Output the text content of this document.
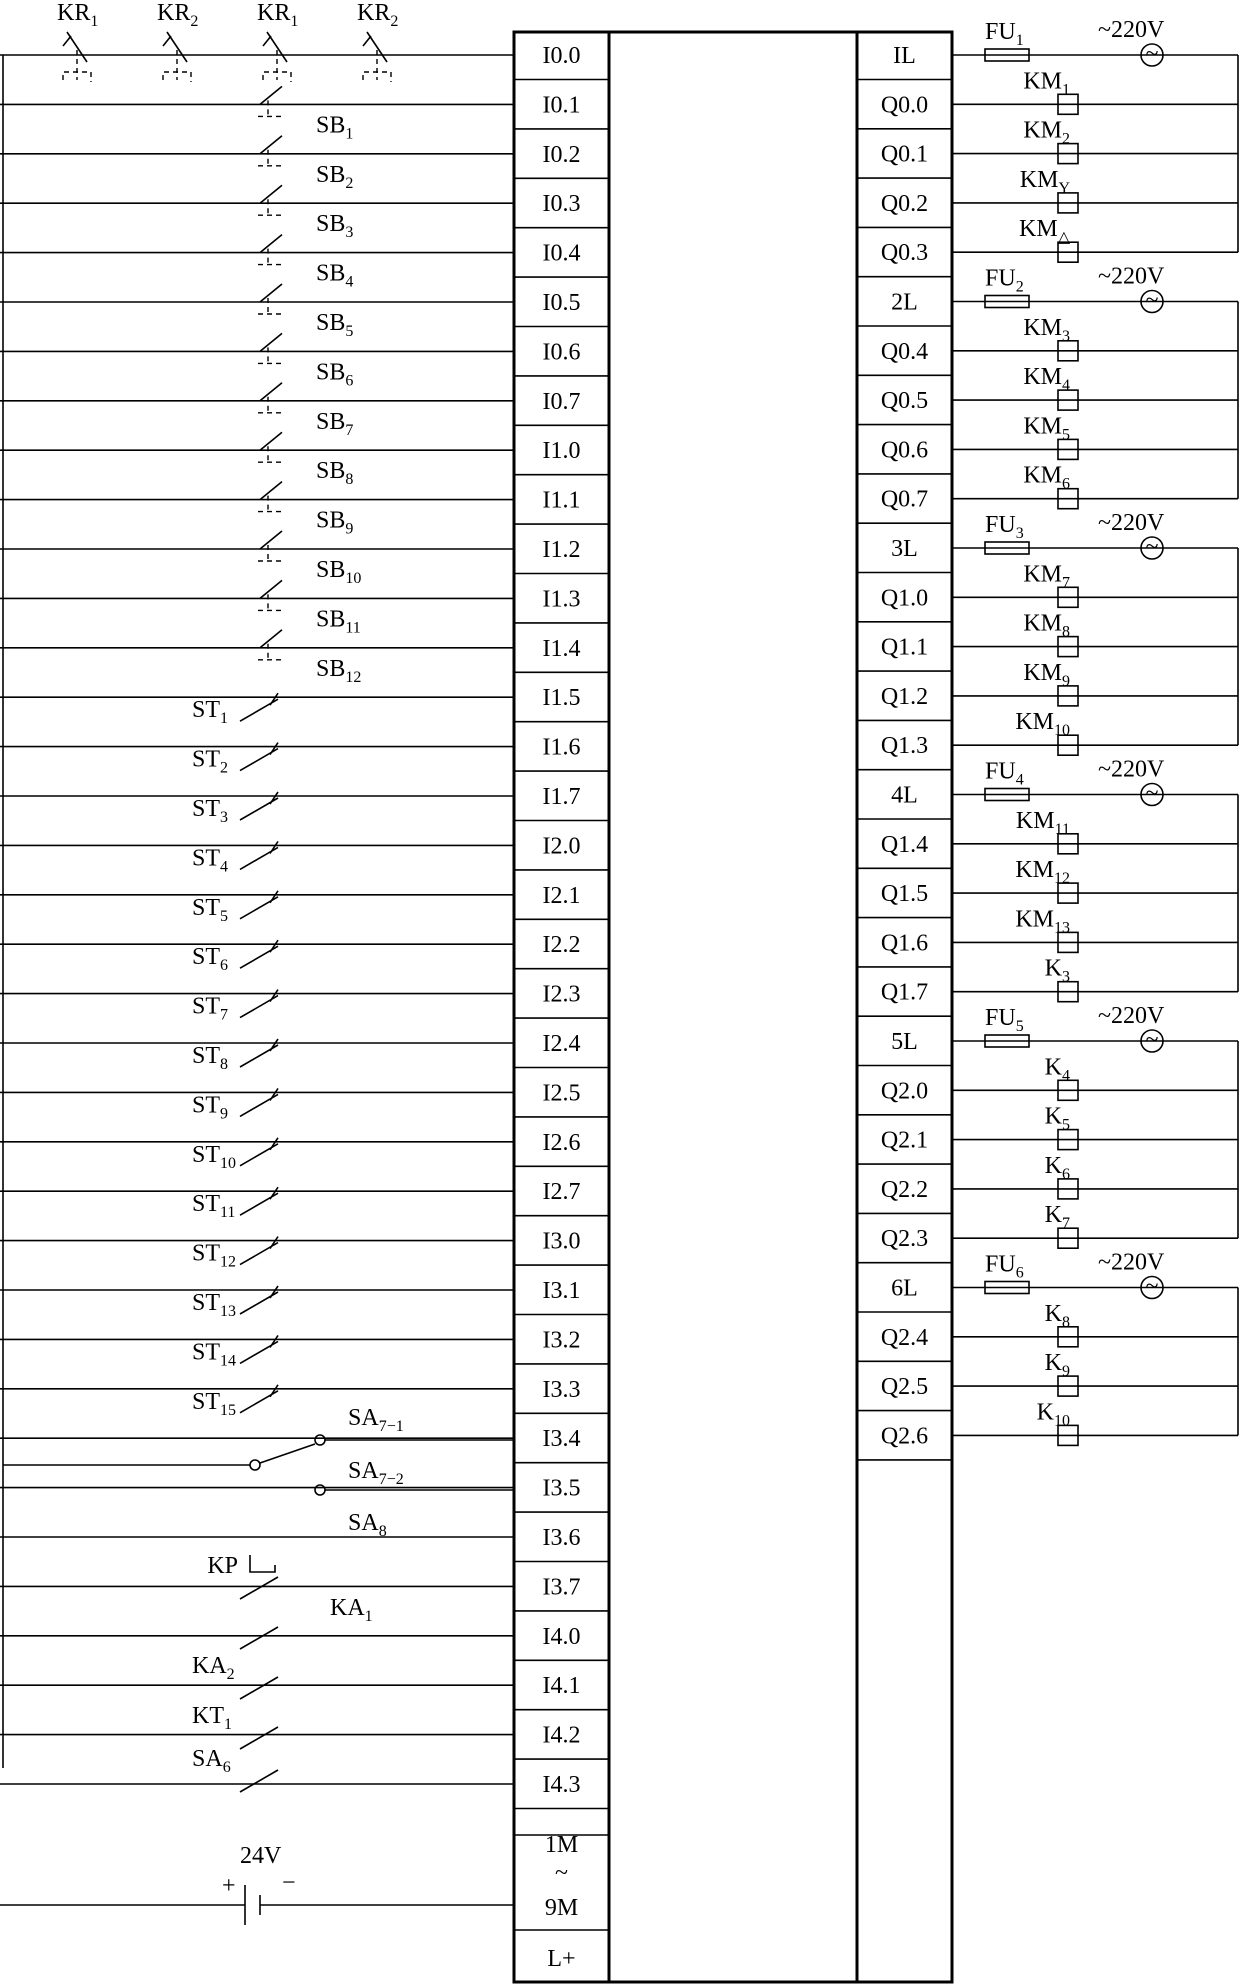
I0.0
I0.1
I0.2
I0.3
I0.4
I0.5
I0.6
I0.7
I1.0
I1.1
I1.2
I1.3
I1.4
I1.5
I1.6
I1.7
I2.0
I2.1
I2.2
I2.3
I2.4
I2.5
I2.6
I2.7
I3.0
I3.1
I3.2
I3.3
I3.4
I3.5
I3.6
I3.7
I4.0
I4.1
I4.2
I4.3
1M
~
9M
L+
IL
Q0.0
Q0.1
Q0.2
Q0.3
2L
Q0.4
Q0.5
Q0.6
Q0.7
3L
Q1.0
Q1.1
Q1.2
Q1.3
4L
Q1.4
Q1.5
Q1.6
Q1.7
5L
Q2.0
Q2.1
Q2.2
Q2.3
6L
Q2.4
Q2.5
Q2.6
$KR_1$ $KR_2$ $KR_1$ $KR_2$
$SB_1$
$SB_2$
$SB_3$
$SB_4$
$SB_5$
$SB_6$
$SB_7$
$SB_8$
$SB_9$
$SB_{10}$
$SB_{11}$
$SB_{12}$
$ST_1$
$ST_2$
$ST_3$
$ST_4$
$ST_5$
$ST_6$
$ST_7$
$ST_8$
$ST_9$
$ST_{10}$
$ST_{11}$
$ST_{12}$
$ST_{13}$
$ST_{14}$
$ST_{15}$	$SA_{7-1}$
$SA_{7-2}$
$SA_8$
KP
$KA_1$
$KA_2$
$KT_1$
$SA_6$
24V
+ −
$FU_1$
~
~220V
$KM_1$
$KM_2$
$KM_Y$
$KM_\triangle$
$FU_2$
~
~220V
$KM_3$
$KM_4$
$KM_5$
$KM_6$
$FU_3$
~
~220V
$KM_7$
$KM_8$
$KM_9$
$KM_{10}$
$FU_4$
~
~220V
$KM_{11}$
$KM_{12}$
$KM_{13}$
$K_3$
$FU_5$
~
~220V
$K_4$
$K_5$
$K_6$
$K_7$
$FU_6$
~
~220V
$K_8$
$K_9$
$K_{10}$
